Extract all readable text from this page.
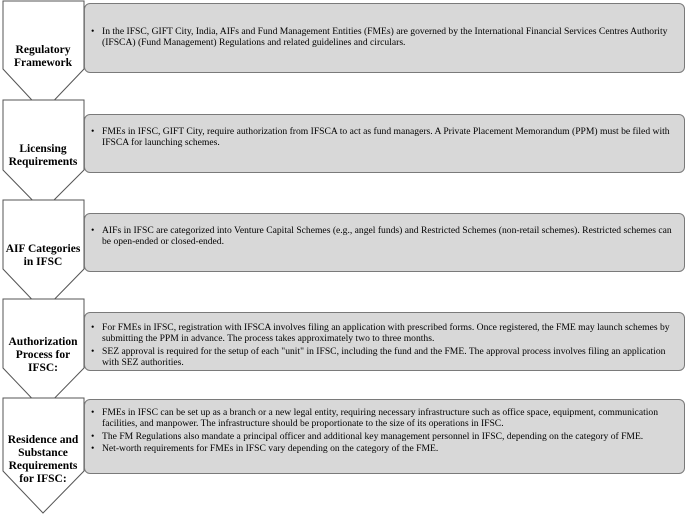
Regulatory Framework
• In the IFSC, GIFT City, India, AIFs and Fund Management Entities (FMEs) are governed by the International Financial Services Centres Authority (IFSCA) (Fund Management) Regulations and related guidelines and circulars.
Licensing Requirements
• FMEs in IFSC, GIFT City, require authorization from IFSCA to act as fund managers. A Private Placement Memorandum (PPM) must be filed with IFSCA for launching schemes.
AIF Categories in IFSC
• AIFs in IFSC are categorized into Venture Capital Schemes (e.g., angel funds) and Restricted Schemes (non-retail schemes). Restricted schemes can be open-ended or closed-ended.
Authorization Process for IFSC:
• For FMEs in IFSC, registration with IFSCA involves filing an application with prescribed forms. Once registered, the FME may launch schemes by submitting the PPM in advance. The process takes approximately two to three months.
• SEZ approval is required for the setup of each "unit" in IFSC, including the fund and the FME. The approval process involves filing an application with SEZ authorities.
Residence and Substance Requirements for IFSC:
• FMEs in IFSC can be set up as a branch or a new legal entity, requiring necessary infrastructure such as office space, equipment, communication facilities, and manpower. The infrastructure should be proportionate to the size of its operations in IFSC.
• The FM Regulations also mandate a principal officer and additional key management personnel in IFSC, depending on the category of FME.
• Net-worth requirements for FMEs in IFSC vary depending on the category of the FME.
